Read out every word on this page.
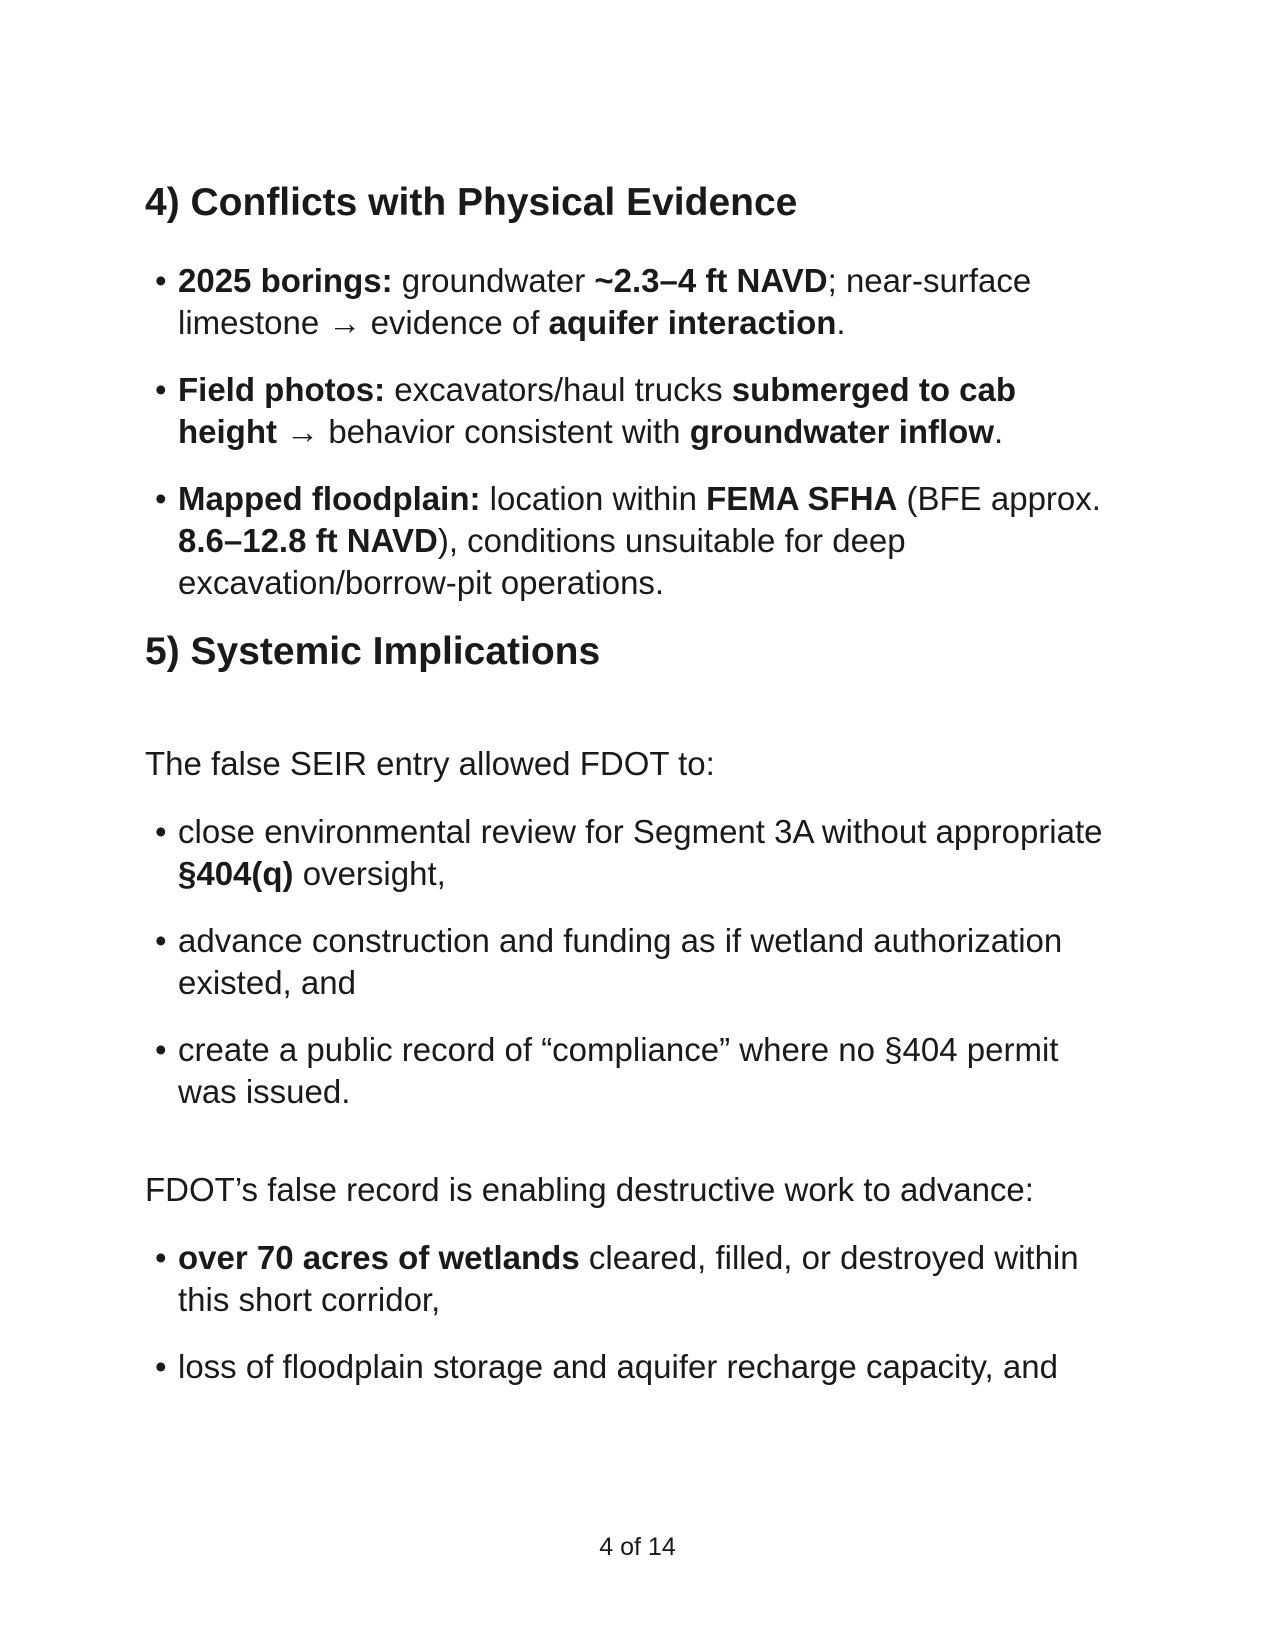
4) Conflicts with Physical Evidence
• 2025 borings: groundwater ~2.3–4 ft NAVD; near-surface limestone → evidence of aquifer interaction.
• Field photos: excavators/haul trucks submerged to cab height → behavior consistent with groundwater inflow.
• Mapped floodplain: location within FEMA SFHA (BFE approx. 8.6–12.8 ft NAVD), conditions unsuitable for deep excavation/borrow-pit operations.
5) Systemic Implications

The false SEIR entry allowed FDOT to:

• close environmental review for Segment 3A without appropriate §404(q) oversight,
• advance construction and funding as if wetland authorization existed, and
• create a public record of “compliance” where no §404 permit was issued.

FDOT’s false record is enabling destructive work to advance:

• over 70 acres of wetlands cleared, filled, or destroyed within this short corridor,
• loss of floodplain storage and aquifer recharge capacity, and
4 of 14
